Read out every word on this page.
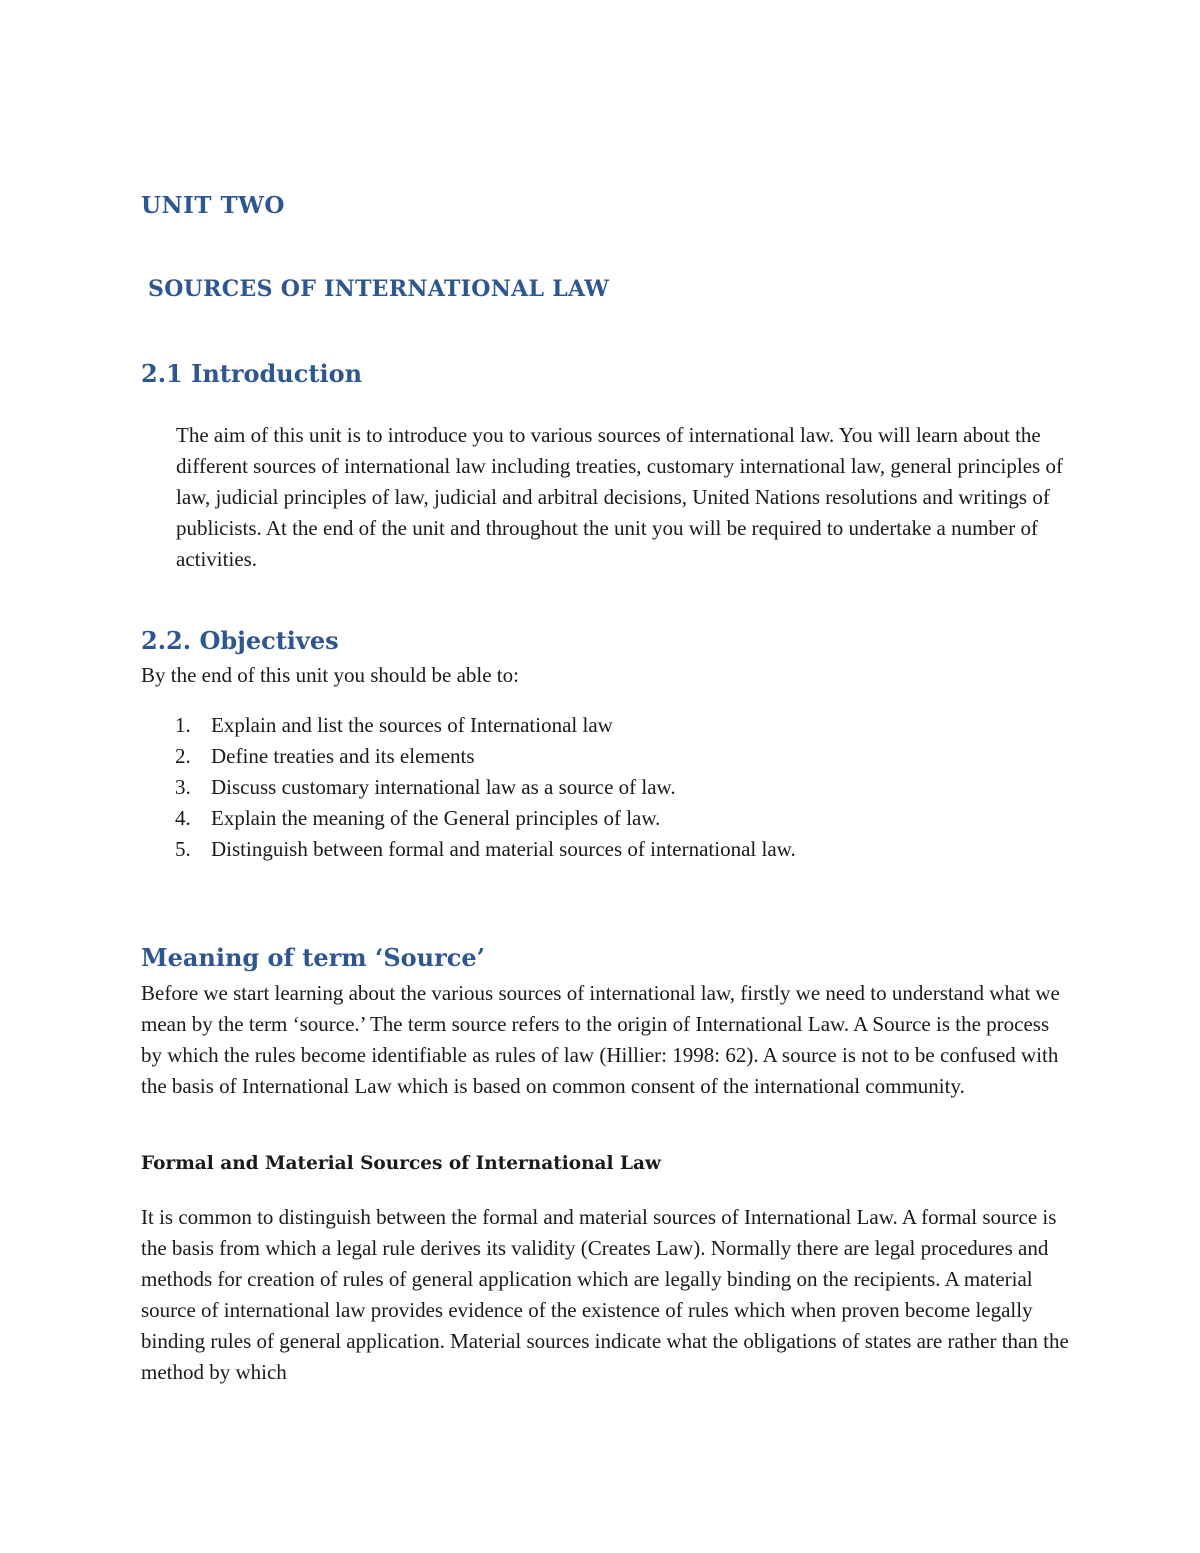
UNIT TWO
SOURCES OF INTERNATIONAL LAW
2.1 Introduction

The aim of this unit is to introduce you to various sources of international law. You will learn about the different sources of international law including treaties, customary international law, general principles of law, judicial principles of law, judicial and arbitral decisions, United Nations resolutions and writings of publicists. At the end of the unit and throughout the unit you will be required to undertake a number of activities.

2.2. Objectives

By the end of this unit you should be able to:

1. Explain and list the sources of International law
2. Define treaties and its elements
3. Discuss customary international law as a source of law.
4. Explain the meaning of the General principles of law.
5. Distinguish between formal and material sources of international law.
Meaning of term ‘Source’

Before we start learning about the various sources of international law, firstly we need to understand what we mean by the term ‘source.’ The term source refers to the origin of International Law. A Source is the process by which the rules become identifiable as rules of law (Hillier: 1998: 62). A source is not to be confused with the basis of International Law which is based on common consent of the international community.

Formal and Material Sources of International Law

It is common to distinguish between the formal and material sources of International Law. A formal source is the basis from which a legal rule derives its validity (Creates Law). Normally there are legal procedures and methods for creation of rules of general application which are legally binding on the recipients. A material source of international law provides evidence of the existence of rules which when proven become legally binding rules of general application. Material sources indicate what the obligations of states are rather than the method by which
